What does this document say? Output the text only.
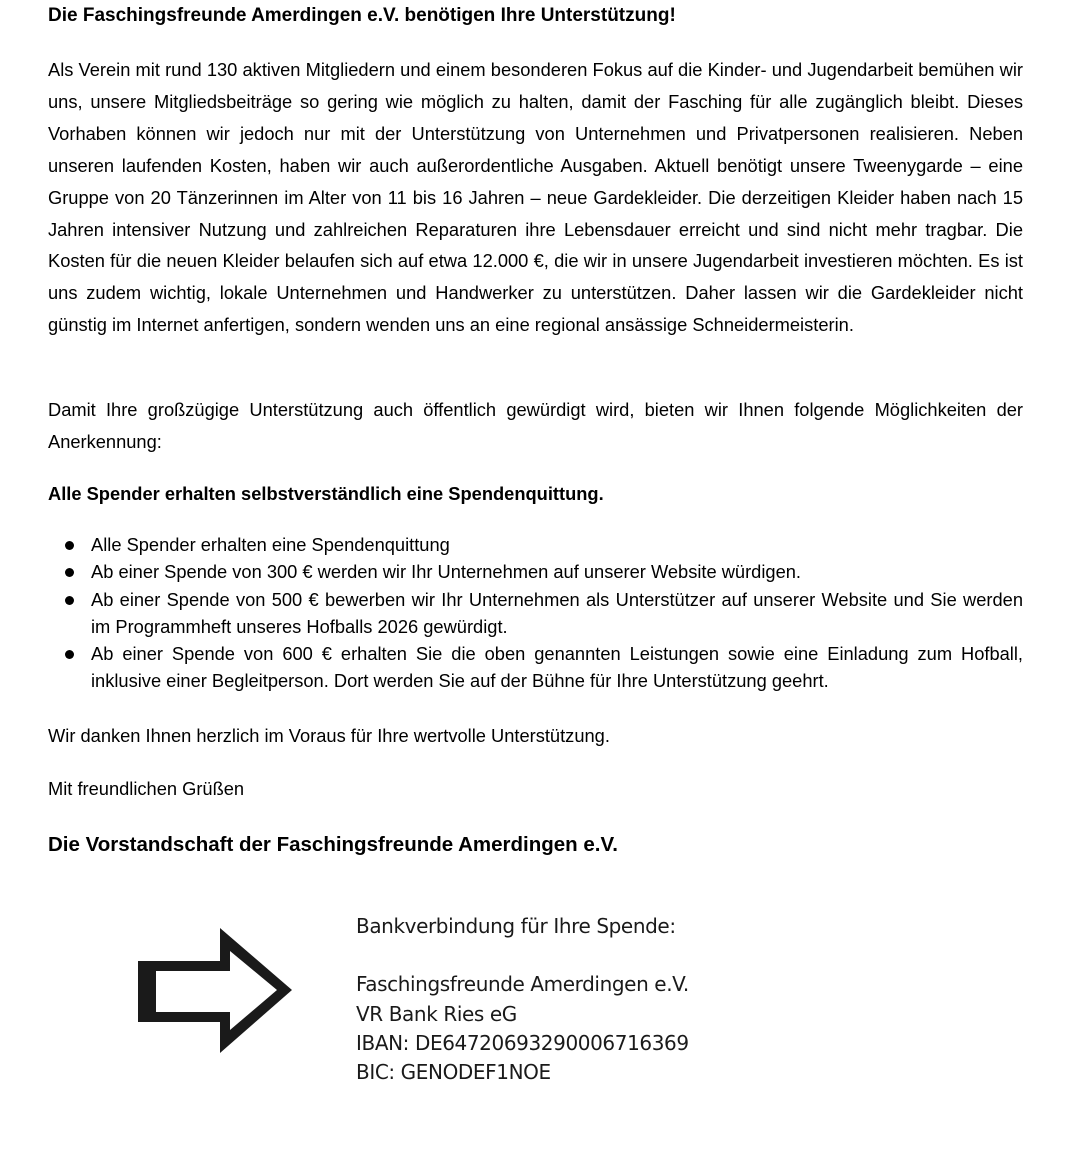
Die Faschingsfreunde Amerdingen e.V. benötigen Ihre Unterstützung!
Als Verein mit rund 130 aktiven Mitgliedern und einem besonderen Fokus auf die Kinder- und Jugendarbeit bemühen wir uns, unsere Mitgliedsbeiträge so gering wie möglich zu halten, damit der Fasching für alle zugänglich bleibt. Dieses Vorhaben können wir jedoch nur mit der Unterstützung von Unternehmen und Privatpersonen realisieren. Neben unseren laufenden Kosten, haben wir auch außerordentliche Ausgaben. Aktuell benötigt unsere Tweenygarde – eine Gruppe von 20 Tänzerinnen im Alter von 11 bis 16 Jahren – neue Gardekleider. Die derzeitigen Kleider haben nach 15 Jahren intensiver Nutzung und zahlreichen Reparaturen ihre Lebensdauer erreicht und sind nicht mehr tragbar. Die Kosten für die neuen Kleider belaufen sich auf etwa 12.000 €, die wir in unsere Jugendarbeit investieren möchten. Es ist uns zudem wichtig, lokale Unternehmen und Handwerker zu unterstützen. Daher lassen wir die Gardekleider nicht günstig im Internet anfertigen, sondern wenden uns an eine regional ansässige Schneidermeisterin.
Damit Ihre großzügige Unterstützung auch öffentlich gewürdigt wird, bieten wir Ihnen folgende Möglichkeiten der Anerkennung:
Alle Spender erhalten selbstverständlich eine Spendenquittung.
Alle Spender erhalten eine Spendenquittung
Ab einer Spende von 300 € werden wir Ihr Unternehmen auf unserer Website würdigen.
Ab einer Spende von 500 € bewerben wir Ihr Unternehmen als Unterstützer auf unserer Website und Sie werden im Programmheft unseres Hofballs 2026 gewürdigt.
Ab einer Spende von 600 € erhalten Sie die oben genannten Leistungen sowie eine Einladung zum Hofball, inklusive einer Begleitperson. Dort werden Sie auf der Bühne für Ihre Unterstützung geehrt.
Wir danken Ihnen herzlich im Voraus für Ihre wertvolle Unterstützung.
Mit freundlichen Grüßen
Die Vorstandschaft der Faschingsfreunde Amerdingen e.V.
Bankverbindung für Ihre Spende:
Faschingsfreunde Amerdingen e.V.
VR Bank Ries eG
IBAN: DE64720693290006716369
BIC: GENODEF1NOE
